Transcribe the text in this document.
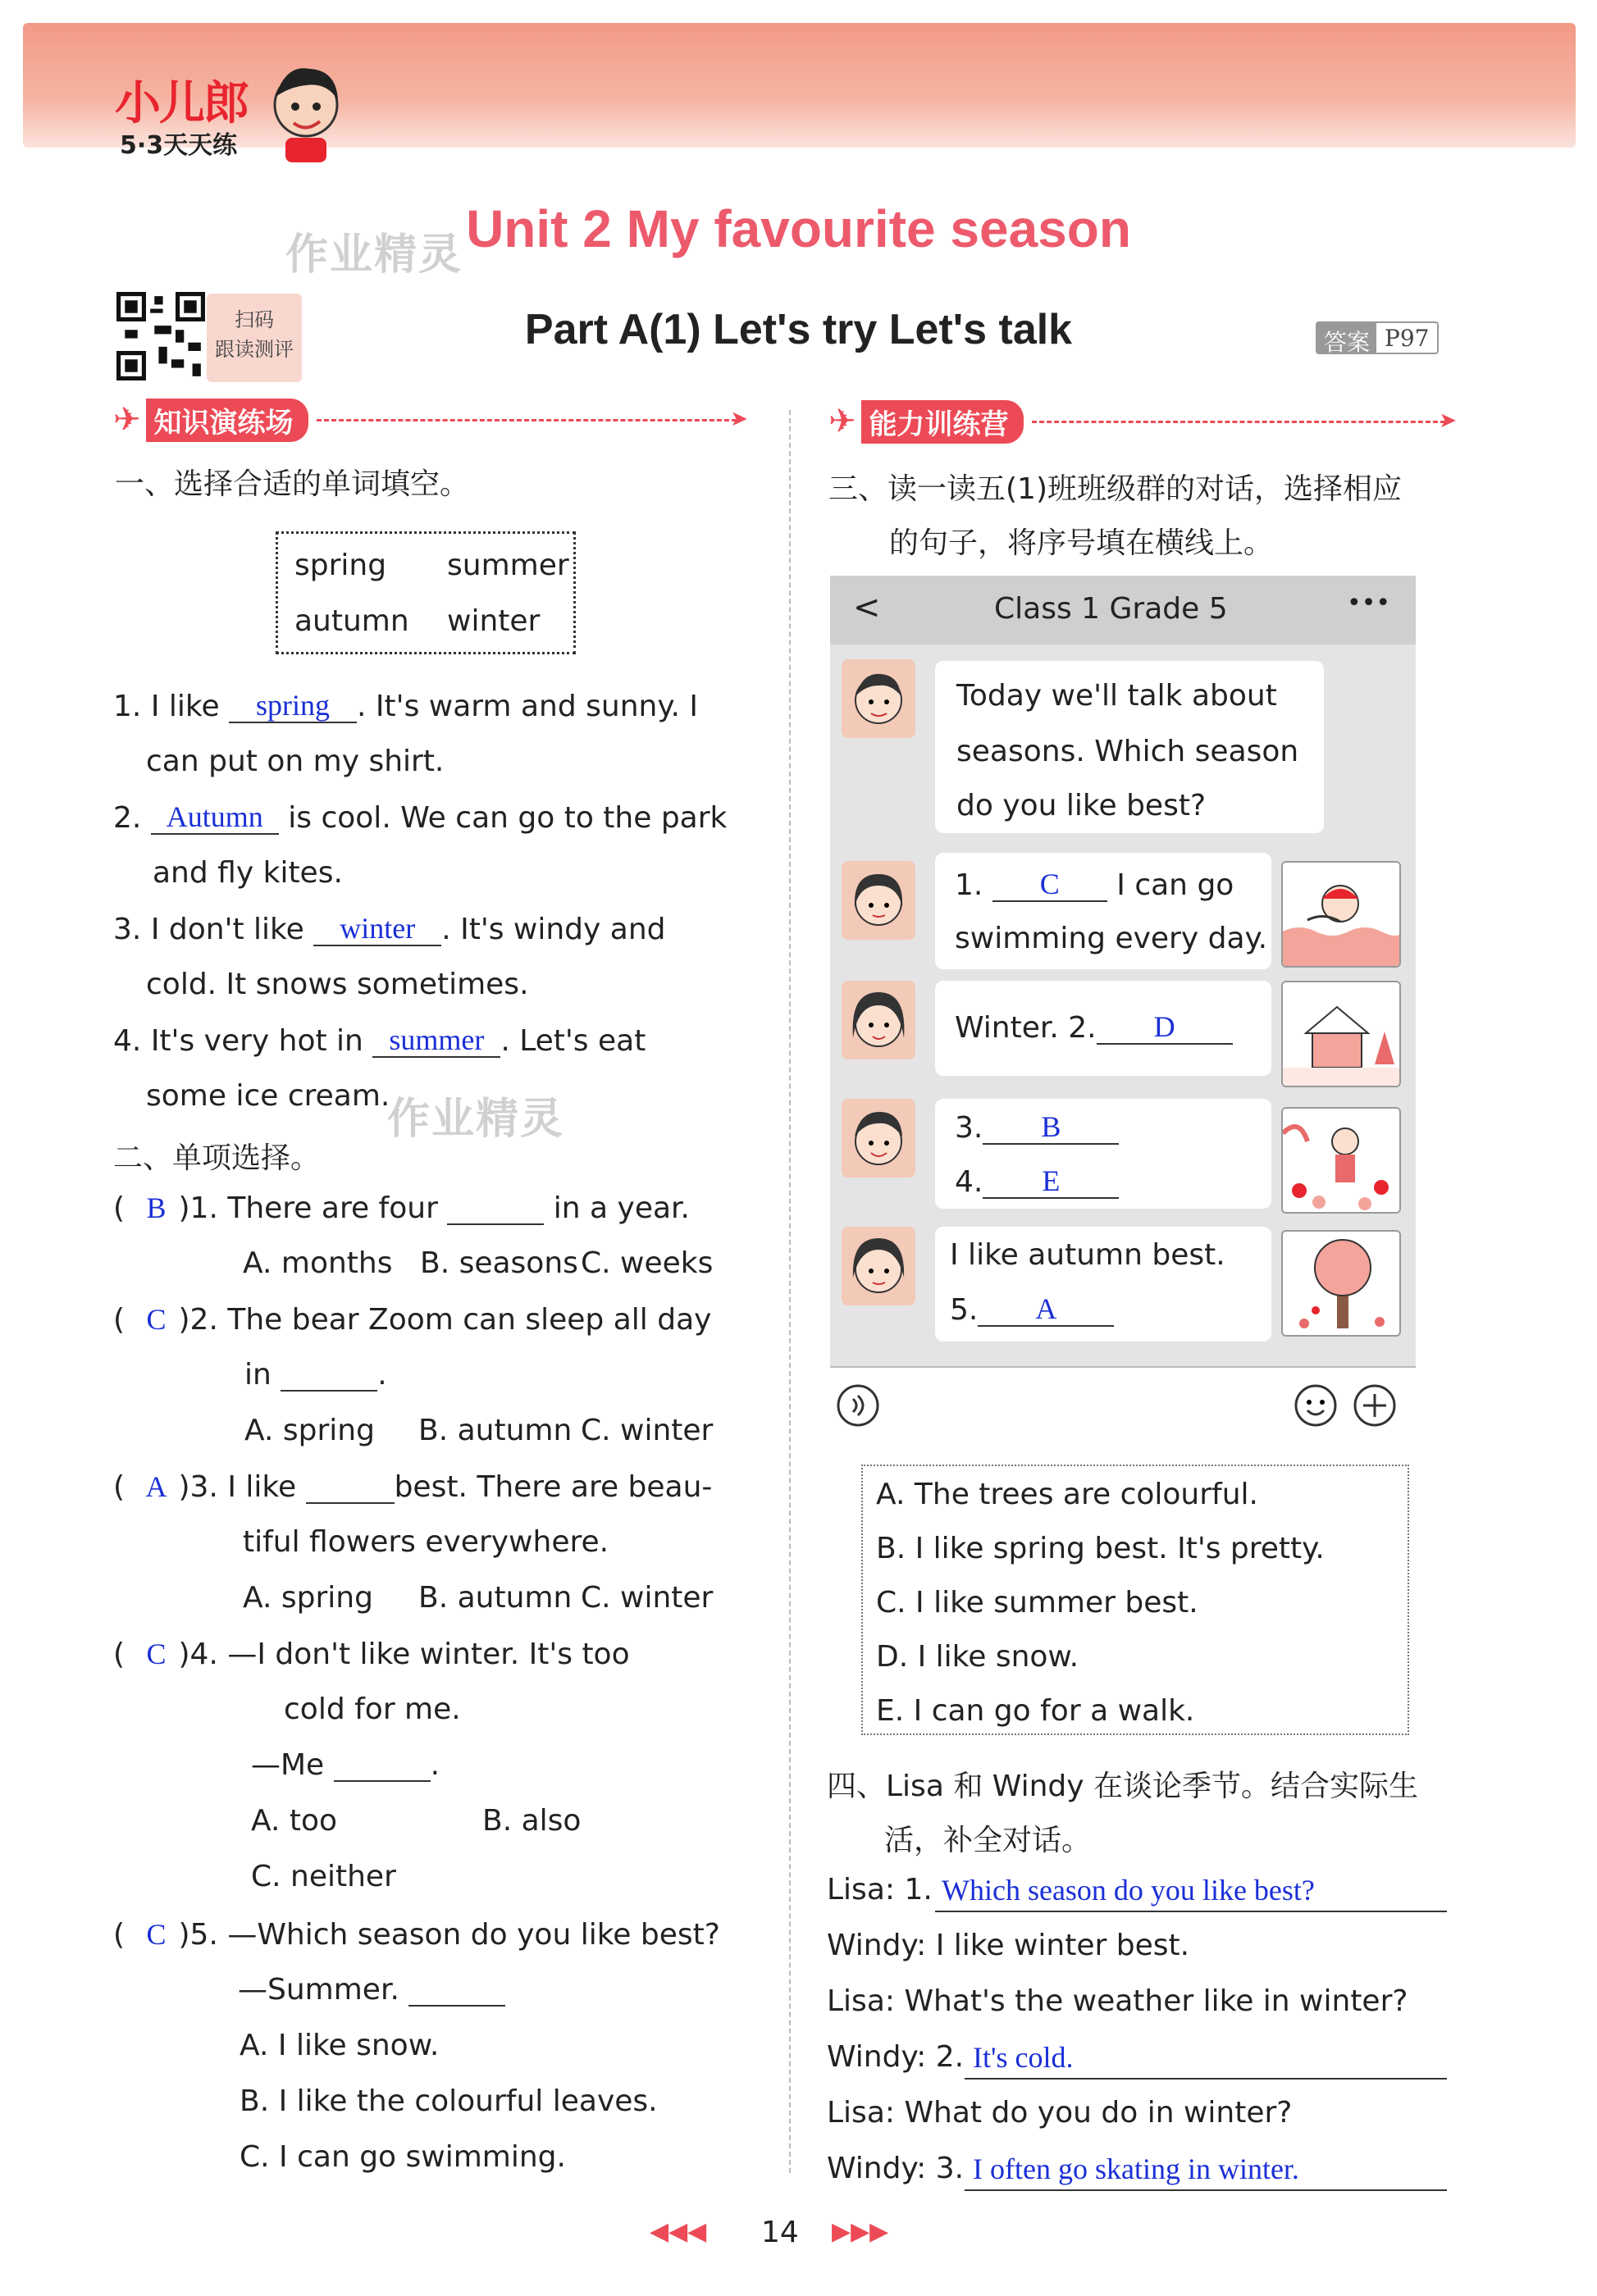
小儿郎
5·3天天练
作业精灵 Unit 2 My favourite season
扫码
跟读测评	Part A(1) Let's try Let's talk	答案 P97
✈ 知识演练场
➤
一、选择合适的单词填空。
spring summer
autumn winter
1. I like spring . It's warm and sunny. I
can put on my shirt.
2. Autumn is cool. We can go to the park
and fly kites.
3. I don't like winter . It's windy and
cold. It snows sometimes.
4. It's very hot in summer . Let's eat
some ice cream.
作业精灵
二、单项选择。
( B )1. There are four	in a year.
A. months B. seasons C. weeks
( C )2. The bear Zoom can sleep all day
in	.
A. spring B. autumn C. winter
( A )3. I like	best. There are beau-
tiful flowers everywhere.
A. spring B. autumn C. winter
( C )4. —I don't like winter. It's too
cold for me.
—Me	.
A. too	B. also
C. neither
( C )5. —Which season do you like best?
—Summer.
A. I like snow.
B. I like the colourful leaves.
C. I can go swimming.
✈ 能力训练营
➤
三、读一读五(1)班班级群的对话，选择相应
的句子，将序号填在横线上。
<	Class 1 Grade 5	•••
Today we'll talk about
seasons. Which season
do you like best?
1. C I can go
swimming every day.
Winter. 2. D
3. B
4. E
I like autumn best.
5. A
A. The trees are colourful.
B. I like spring best. It's pretty.
C. I like summer best.
D. I like snow.
E. I can go for a walk.
四、Lisa 和 Windy 在谈论季节。结合实际生
活，补全对话。
Lisa: 1. Which season do you like best?
Windy: I like winter best.
Lisa: What's the weather like in winter?
Windy: 2. It's cold.
Lisa: What do you do in winter?
Windy: 3. I often go skating in winter.
◀◀◀ 14 ▶▶▶
